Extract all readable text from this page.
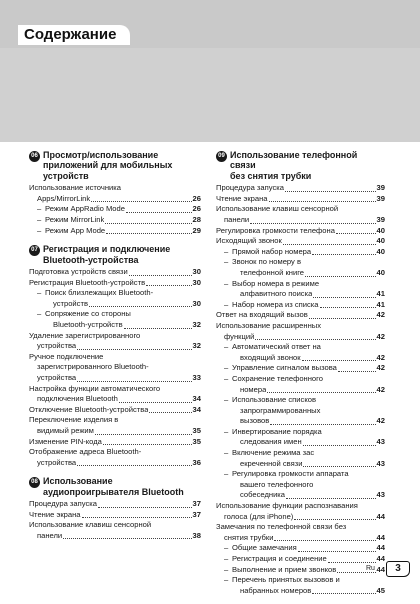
Содержание
06 Просмотр/использование
приложений для мобильных
устройств
Использование источника
Apps/MirrorLink	26
– Режим AppRadio Mode	26
– Режим MirrorLink	28
– Режим App Mode	29
07 Регистрация и подключение
Bluetooth-устройства
Подготовка устройств связи	30
Регистрация Bluetooth-устройств	30
– Поиск близлежащих Bluetooth-
устройств	30
– Сопряжение со стороны
Bluetooth-устройств	32
Удаление зарегистрированного
устройства	32
Ручное подключение
зарегистрированного Bluetooth-
устройства	33
Настройка функции автоматического
подключения Bluetooth	34
Отключение Bluetooth-устройства	34
Переключение изделия в
видимый режим	35
Изменение PIN-кода	35
Отображение адреса Bluetooth-
устройства	36
08 Использование
аудиопроигрывателя Bluetooth
Процедура запуска	37
Чтение экрана	37
Использование клавиш сенсорной
панели	38
09 Использование телефонной связи
без снятия трубки
Процедура запуска	39
Чтение экрана	39
Использование клавиш сенсорной
панели	39
Регулировка громкости телефона	40
Исходящий звонок	40
– Прямой набор номера	40
– Звонок по номеру в
телефонной книге	40
– Выбор номера в режиме
алфавитного поиска	41
– Набор номера из списка	41
Ответ на входящий вызов	42
Использование расширенных
функций	42
– Автоматический ответ на
входящий звонок	42
– Управление сигналом вызова	42
– Сохранение телефонного
номера	42
– Использование списков
запрограммированных
вызовов	42
– Инвертирование порядка
следования имен	43
– Включение режима зас
екреченной связи	43
– Регулировка громкости аппарата
вашего телефонного
собеседника	43
Использование функции распознавания
голоса (для iPhone)	44
Замечания по телефонной связи без
снятия трубки	44
– Общие замечания	44
– Регистрация и соединение	44
– Выполнение и прием звонков	44
– Перечень принятых вызовов и
набранных номеров	45
Ru	3
